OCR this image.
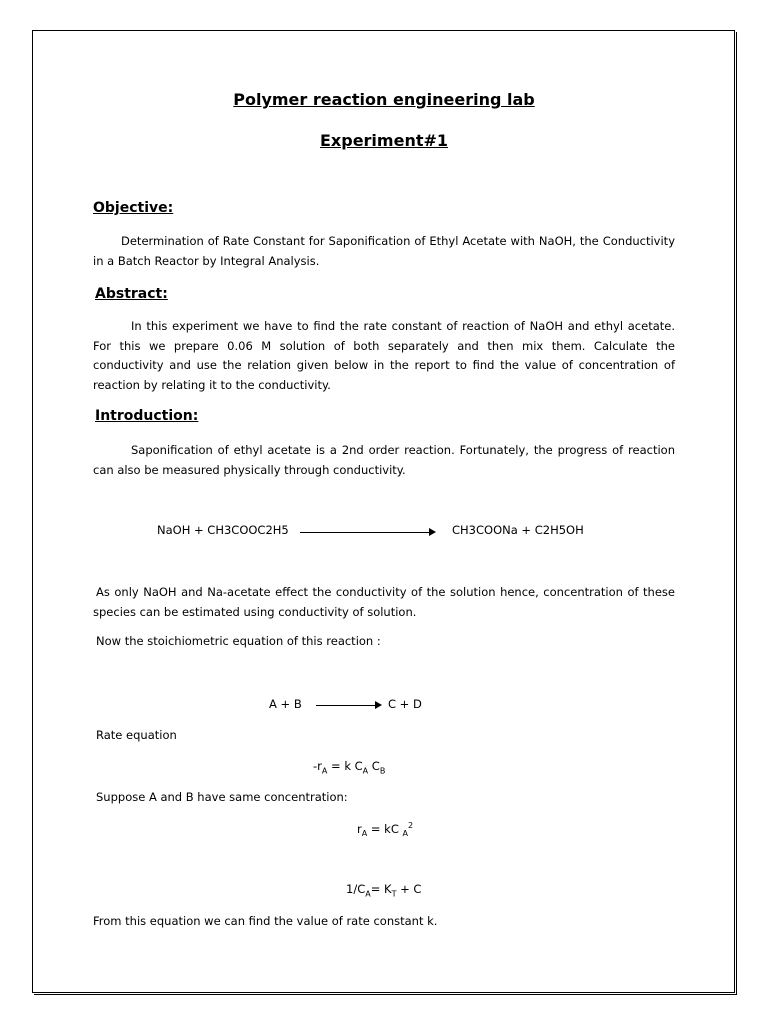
Polymer reaction engineering lab
Experiment#1
Objective:
Determination of Rate Constant for Saponification of Ethyl Acetate with NaOH, the Conductivity in a Batch Reactor by Integral Analysis.
Abstract:
In this experiment we have to find the rate constant of reaction of NaOH and ethyl acetate. For this we prepare 0.06 M solution of both separately and then mix them. Calculate the conductivity and use the relation given below in the report to find the value of concentration of reaction by relating it to the conductivity.
Introduction:
Saponification of ethyl acetate is a 2nd order reaction. Fortunately, the progress of reaction can also be measured physically through conductivity.
NaOH + CH3COOC2H5	CH3COONa + C2H5OH
As only NaOH and Na-acetate effect the conductivity of the solution hence, concentration of these species can be estimated using conductivity of solution.
Now the stoichiometric equation of this reaction :
A + B	C + D
Rate equation
$-r_A = k$ $C_A$ $C_B$
Suppose A and B have same concentration:
$r_A$ = kC $_A^2$
$1/C_A= K_T + C$
From this equation we can find the value of rate constant k.
